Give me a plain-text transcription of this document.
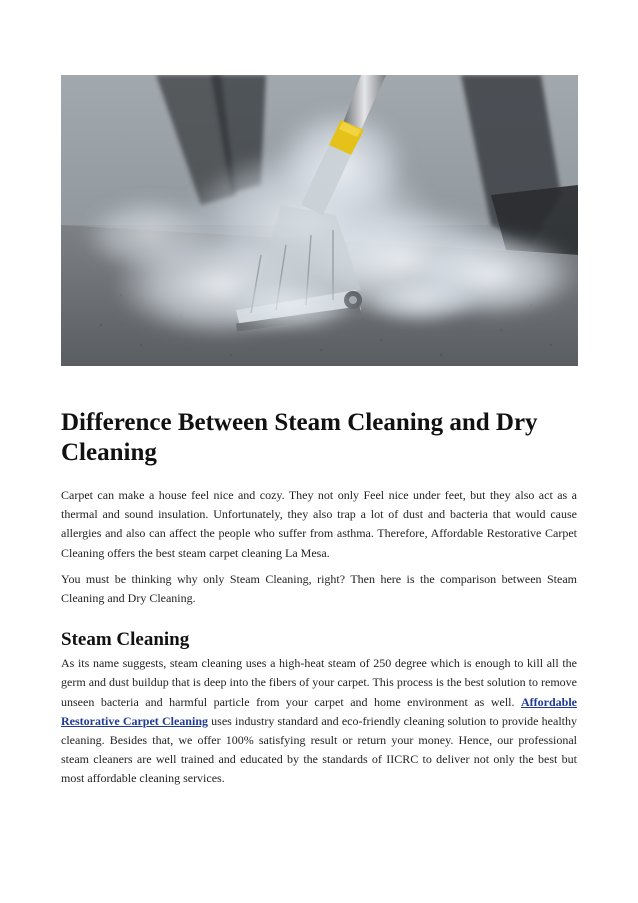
Difference Between Steam Cleaning and Dry Cleaning

Carpet can make a house feel nice and cozy. They not only Feel nice under feet, but they also act as a thermal and sound insulation. Unfortunately, they also trap a lot of dust and bacteria that would cause allergies and also can affect the people who suffer from asthma. Therefore, Affordable Restorative Carpet Cleaning offers the best steam carpet cleaning La Mesa.

You must be thinking why only Steam Cleaning, right? Then here is the comparison between Steam Cleaning and Dry Cleaning.

Steam Cleaning

As its name suggests, steam cleaning uses a high-heat steam of 250 degree which is enough to kill all the germ and dust buildup that is deep into the fibers of your carpet. This process is the best solution to remove unseen bacteria and harmful particle from your carpet and home environment as well. Affordable Restorative Carpet Cleaning uses industry standard and eco-friendly cleaning solution to provide healthy cleaning. Besides that, we offer 100% satisfying result or return your money. Hence, our professional steam cleaners are well trained and educated by the standards of IICRC to deliver not only the best but most affordable cleaning services.
